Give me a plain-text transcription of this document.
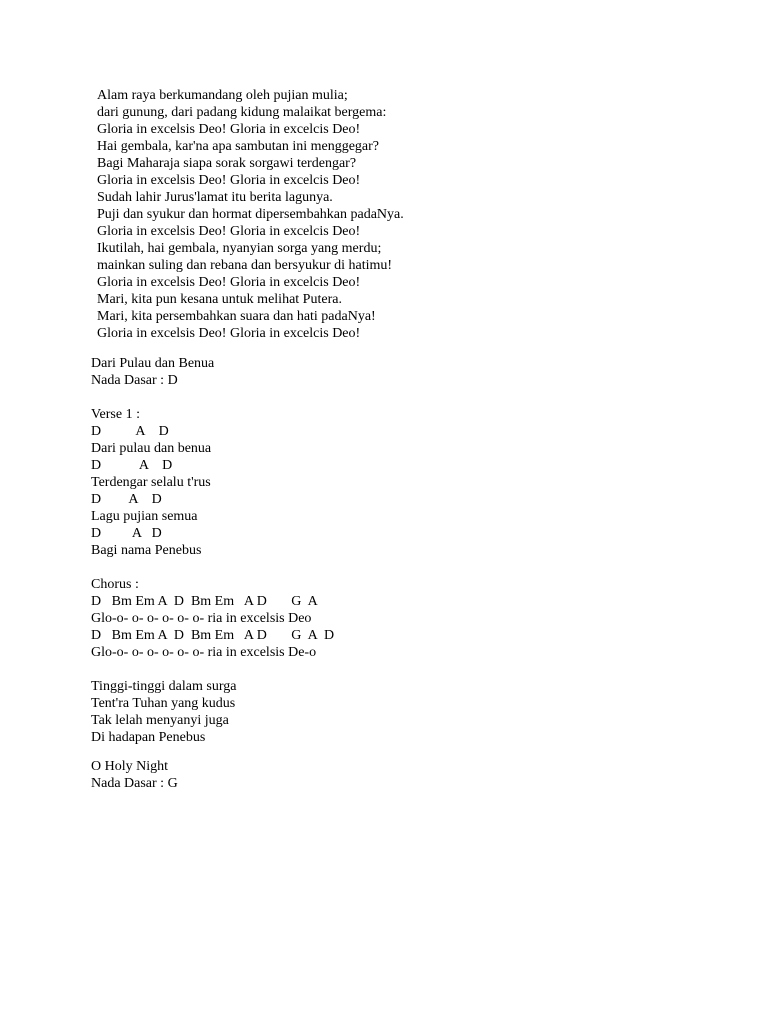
Alam raya berkumandang oleh pujian mulia;
dari gunung, dari padang kidung malaikat bergema:
Gloria in excelsis Deo! Gloria in excelcis Deo!
Hai gembala, kar'na apa sambutan ini menggegar?
Bagi Maharaja siapa sorak sorgawi terdengar?
Gloria in excelsis Deo! Gloria in excelcis Deo!
Sudah lahir Jurus'lamat itu berita lagunya.
Puji dan syukur dan hormat dipersembahkan padaNya.
Gloria in excelsis Deo! Gloria in excelcis Deo!
Ikutilah, hai gembala, nyanyian sorga yang merdu;
mainkan suling dan rebana dan bersyukur di hatimu!
Gloria in excelsis Deo! Gloria in excelcis Deo!
Mari, kita pun kesana untuk melihat Putera.
Mari, kita persembahkan suara dan hati padaNya!
Gloria in excelsis Deo! Gloria in excelcis Deo!
Dari Pulau dan Benua
Nada Dasar : D
Verse 1 :
D          A    D
Dari pulau dan benua
D           A    D
Terdengar selalu t'rus
D        A    D
Lagu pujian semua
D         A   D
Bagi nama Penebus
Chorus :
D   Bm Em A  D  Bm Em   A D       G  A
Glo-o- o- o- o- o- o- ria in excelsis Deo
D   Bm Em A  D  Bm Em   A D       G  A  D
Glo-o- o- o- o- o- o- ria in excelsis De-o
Tinggi-tinggi dalam surga
Tent'ra Tuhan yang kudus
Tak lelah menyanyi juga
Di hadapan Penebus
O Holy Night
Nada Dasar : G
